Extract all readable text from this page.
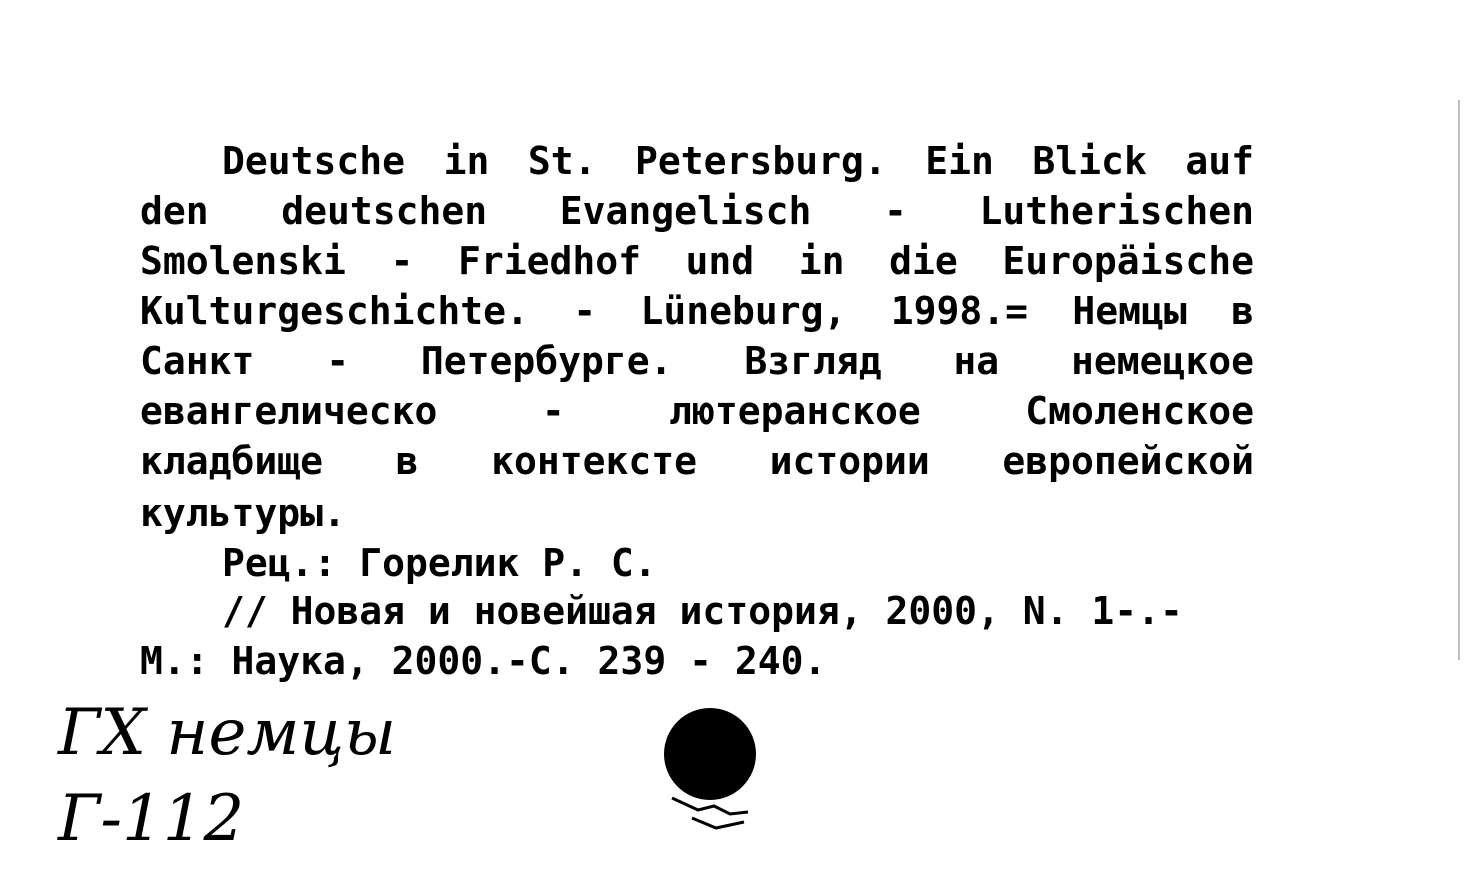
Deutsche in St. Petersburg. Ein Blick auf
den deutschen Evangelisch - Lutherischen
Smolenski - Friedhof und in die Europäische
Kulturgeschichte. - Lüneburg, 1998.= Немцы в
Санкт - Петербурге. Взгляд на немецкое
евангелическо - лютеранское Смоленское
кладбище в контексте истории европейской
культуры.
Рец.: Горелик Р. С.
// Новая и новейшая история, 2000, N. 1-.-
М.: Наука, 2000.-С. 239 - 240.
ГХ немцы
Г-112
